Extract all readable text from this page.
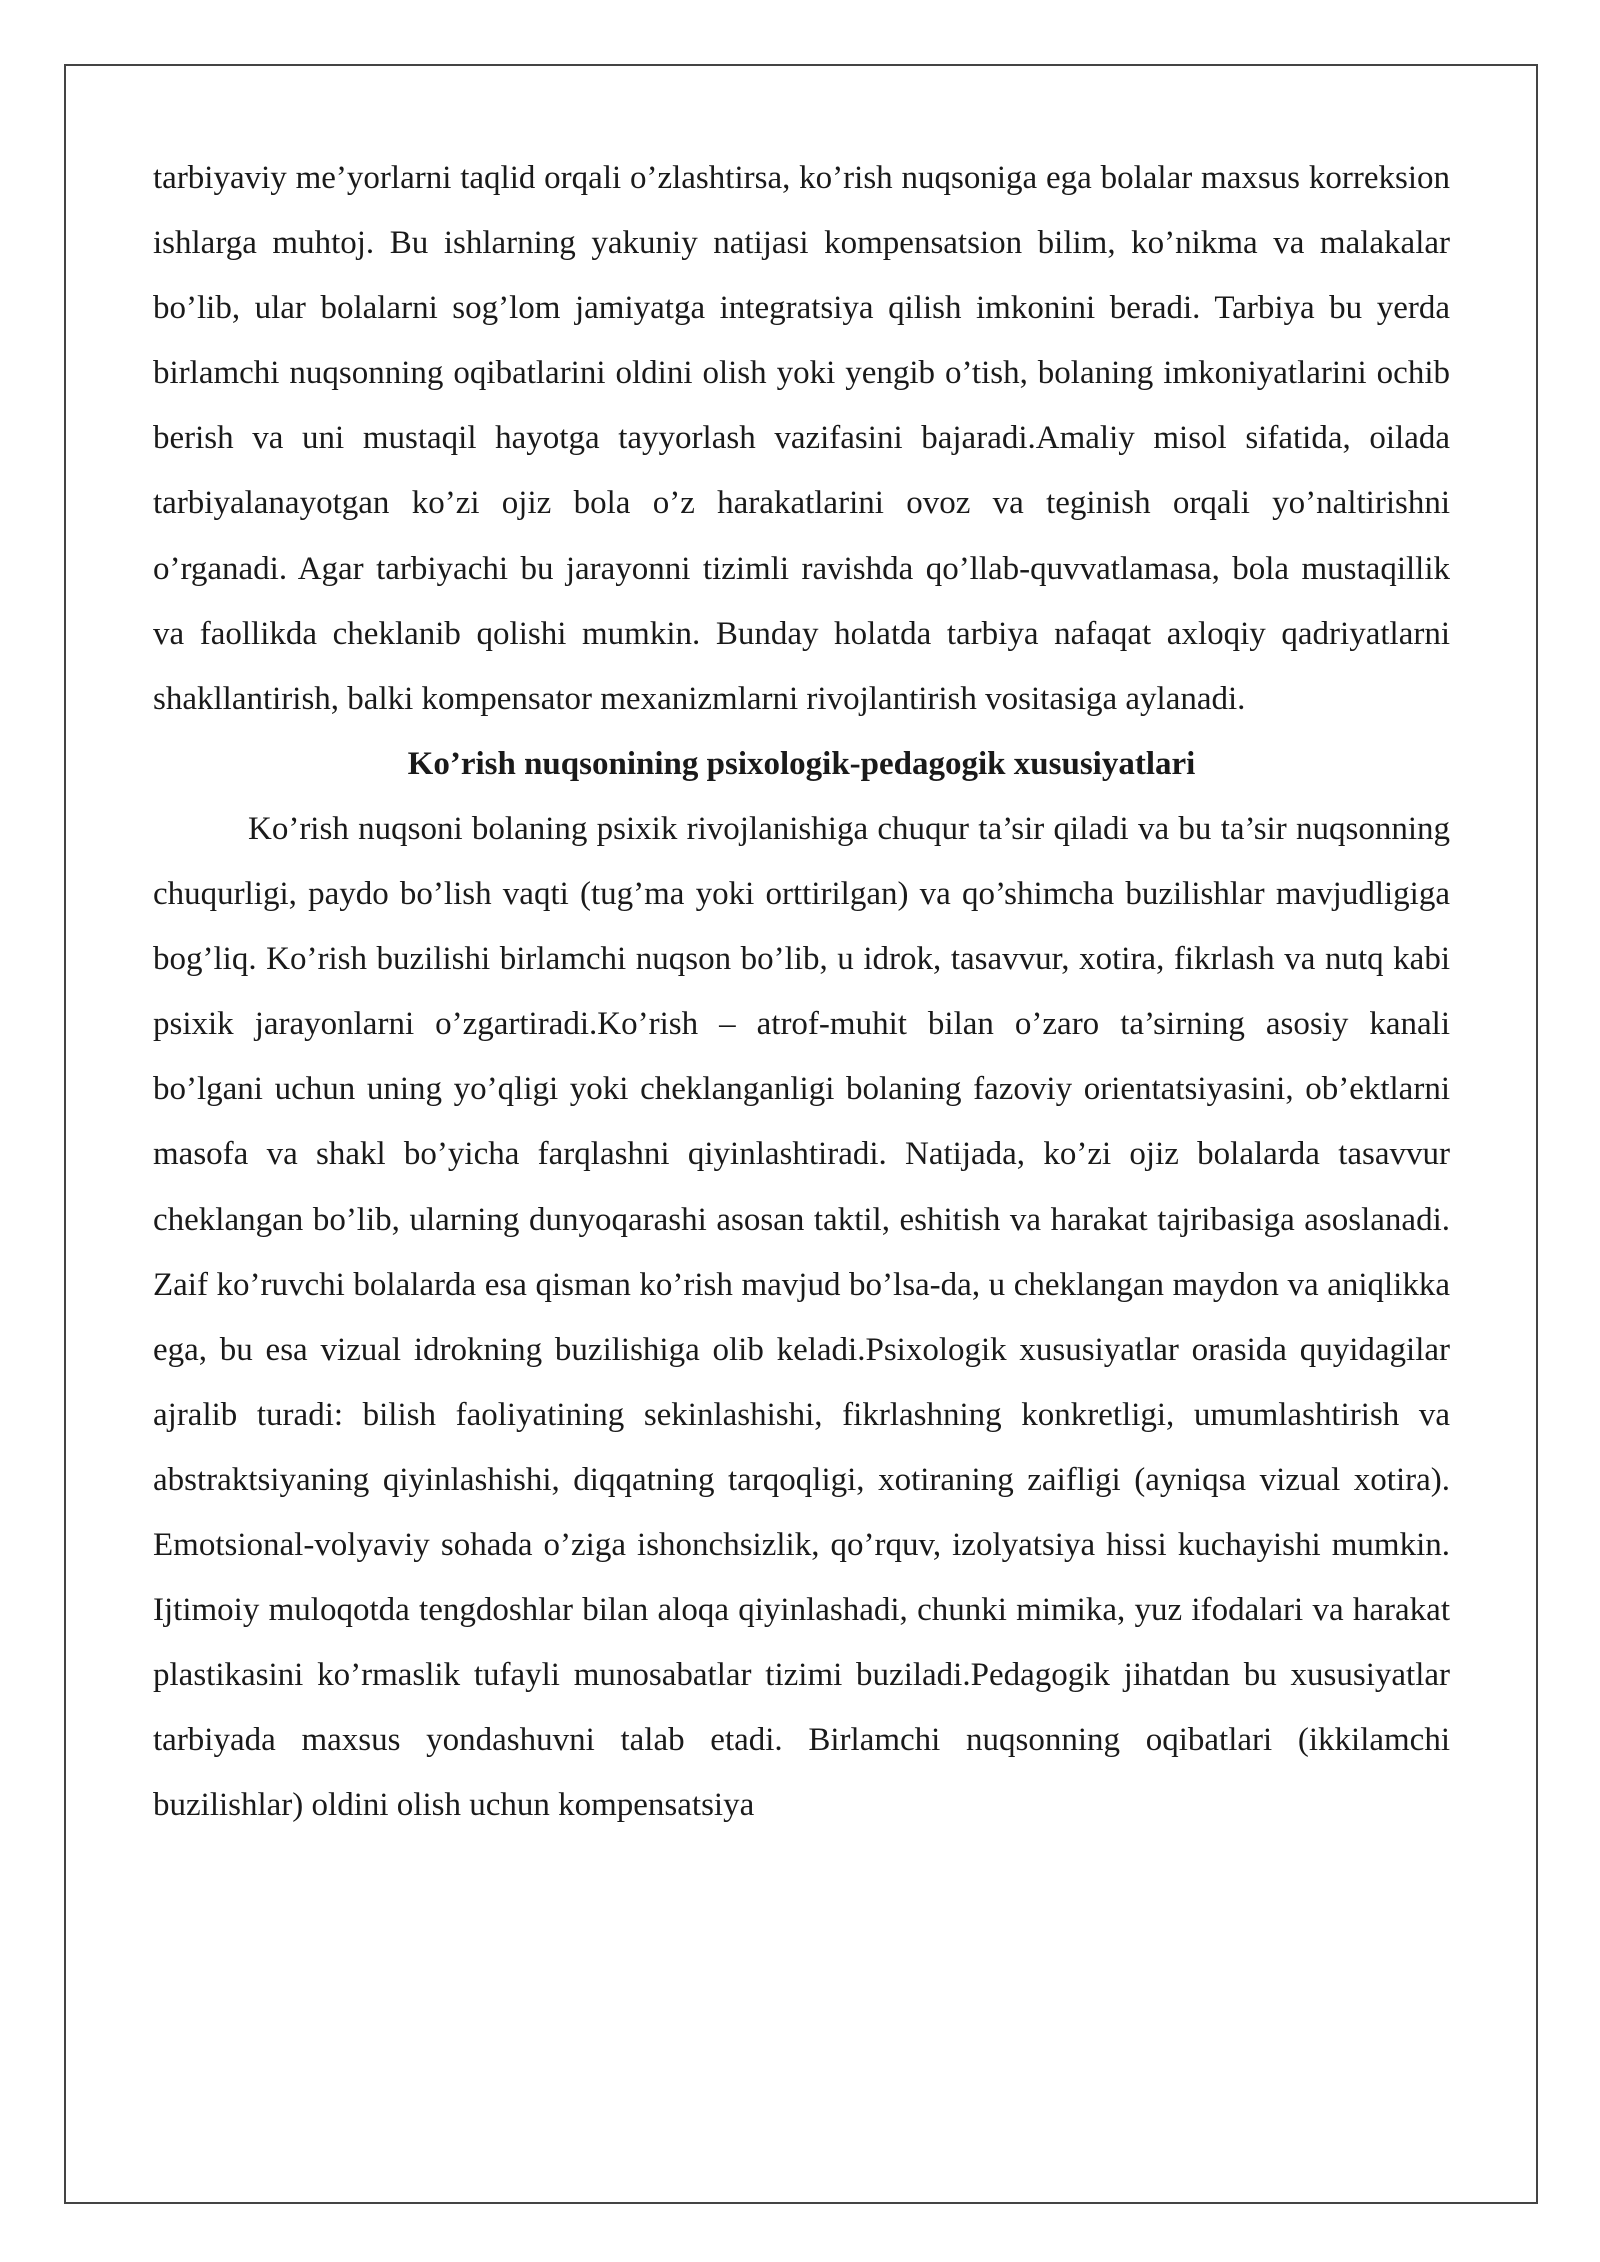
tarbiyaviy me’yorlarni taqlid orqali o’zlashtirsa, ko’rish nuqsoniga ega bolalar maxsus korreksion ishlarga muhtoj. Bu ishlarning yakuniy natijasi kompensatsion bilim, ko’nikma va malakalar bo’lib, ular bolalarni sog’lom jamiyatga integratsiya qilish imkonini beradi. Tarbiya bu yerda birlamchi nuqsonning oqibatlarini oldini olish yoki yengib o’tish, bolaning imkoniyatlarini ochib berish va uni mustaqil hayotga tayyorlash vazifasini bajaradi.Amaliy misol sifatida, oilada tarbiyalanayotgan ko’zi ojiz bola o’z harakatlarini ovoz va teginish orqali yo’naltirishni o’rganadi. Agar tarbiyachi bu jarayonni tizimli ravishda qo’llab-quvvatlamasa, bola mustaqillik va faollikda cheklanib qolishi mumkin. Bunday holatda tarbiya nafaqat axloqiy qadriyatlarni shakllantirish, balki kompensator mexanizmlarni rivojlantirish vositasiga aylanadi.

Ko’rish nuqsonining psixologik-pedagogik xususiyatlari

Ko’rish nuqsoni bolaning psixik rivojlanishiga chuqur ta’sir qiladi va bu ta’sir nuqsonning chuqurligi, paydo bo’lish vaqti (tug’ma yoki orttirilgan) va qo’shimcha buzilishlar mavjudligiga bog’liq. Ko’rish buzilishi birlamchi nuqson bo’lib, u idrok, tasavvur, xotira, fikrlash va nutq kabi psixik jarayonlarni o’zgartiradi.Ko’rish – atrof-muhit bilan o’zaro ta’sirning asosiy kanali bo’lgani uchun uning yo’qligi yoki cheklanganligi bolaning fazoviy orientatsiyasini, ob’ektlarni masofa va shakl bo’yicha farqlashni qiyinlashtiradi. Natijada, ko’zi ojiz bolalarda tasavvur cheklangan bo’lib, ularning dunyoqarashi asosan taktil, eshitish va harakat tajribasiga asoslanadi. Zaif ko’ruvchi bolalarda esa qisman ko’rish mavjud bo’lsa-da, u cheklangan maydon va aniqlikka ega, bu esa vizual idrokning buzilishiga olib keladi.Psixologik xususiyatlar orasida quyidagilar ajralib turadi: bilish faoliyatining sekinlashishi, fikrlashning konkretligi, umumlashtirish va abstraktsiyaning qiyinlashishi, diqqatning tarqoqligi, xotiraning zaifligi (ayniqsa vizual xotira). Emotsional-volyaviy sohada o’ziga ishonchsizlik, qo’rquv, izolyatsiya hissi kuchayishi mumkin. Ijtimoiy muloqotda tengdoshlar bilan aloqa qiyinlashadi, chunki mimika, yuz ifodalari va harakat plastikasini ko’rmaslik tufayli munosabatlar tizimi buziladi.Pedagogik jihatdan bu xususiyatlar tarbiyada maxsus yondashuvni talab etadi. Birlamchi nuqsonning oqibatlari (ikkilamchi buzilishlar) oldini olish uchun kompensatsiya
